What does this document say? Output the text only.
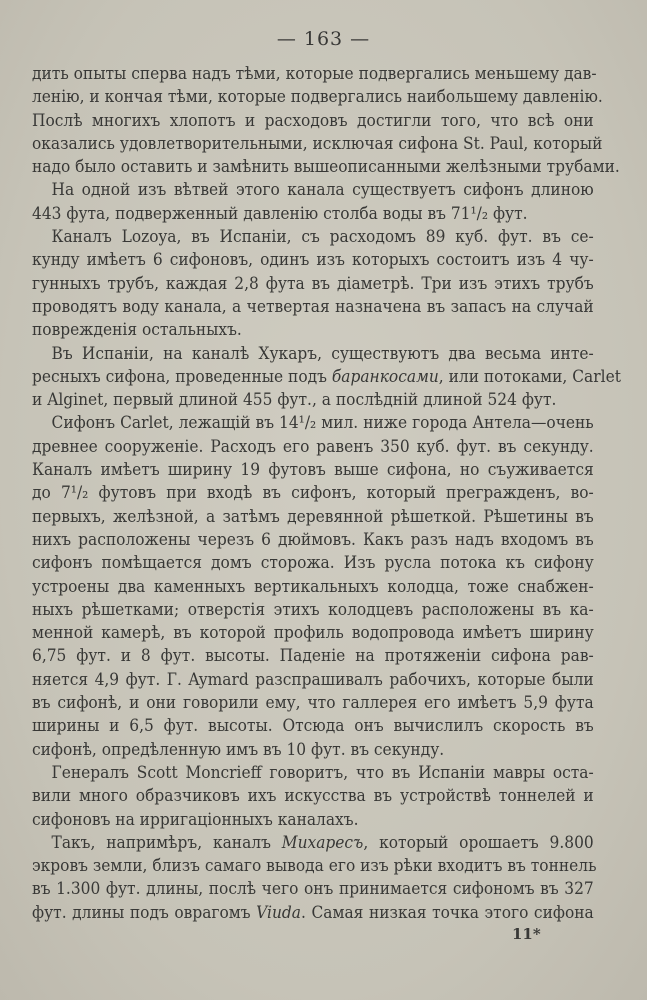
— 163 —
дить опыты сперва надъ тѣми, которые подвергались меньшему дав-
ленію, и кончая тѣми, которые подвергались наибольшему давленію.
Послѣ многихъ хлопотъ и расходовъ достигли того, что всѣ они
оказались удовлетворительными, исключая сифона St. Paul, который
надо было оставить и замѣнить вышеописанными желѣзными трубами.
На одной изъ вѣтвей этого канала существуетъ сифонъ длиною
443 фута, подверженный давленію столба воды въ 71¹/₂ фут.
Каналъ Lozoya, въ Испаніи, съ расходомъ 89 куб. фут. въ се-
кунду имѣетъ 6 сифоновъ, одинъ изъ которыхъ состоитъ изъ 4 чу-
гунныхъ трубъ, каждая 2,8 фута въ діаметрѣ. Три изъ этихъ трубъ
проводятъ воду канала, а четвертая назначена въ запасъ на случай
поврежденія остальныхъ.
Въ Испаніи, на каналѣ Хукаръ, существуютъ два весьма инте-
ресныхъ сифона, проведенные подъ баранкосами, или потоками, Carlet
и Alginet, первый длиной 455 фут., а послѣдній длиной 524 фут.
Сифонъ Carlet, лежащій въ 14¹/₂ мил. ниже города Антела—очень
древнее сооруженіе. Расходъ его равенъ 350 куб. фут. въ секунду.
Каналъ имѣетъ ширину 19 футовъ выше сифона, но съуживается
до 7¹/₂ футовъ при входѣ въ сифонъ, который прегражденъ, во-
первыхъ, желѣзной, а затѣмъ деревянной рѣшеткой. Рѣшетины въ
нихъ расположены черезъ 6 дюймовъ. Какъ разъ надъ входомъ въ
сифонъ помѣщается домъ сторожа. Изъ русла потока къ сифону
устроены два каменныхъ вертикальныхъ колодца, тоже снабжен-
ныхъ рѣшетками; отверстія этихъ колодцевъ расположены въ ка-
менной камерѣ, въ которой профиль водопровода имѣетъ ширину
6,75 фут. и 8 фут. высоты. Паденіе на протяженіи сифона рав-
няется 4,9 фут. Г. Aymard разспрашивалъ рабочихъ, которые были
въ сифонѣ, и они говорили ему, что галлерея его имѣетъ 5,9 фута
ширины и 6,5 фут. высоты. Отсюда онъ вычислилъ скорость въ
сифонѣ, опредѣленную имъ въ 10 фут. въ секунду.
Генералъ Scott Moncrieff говоритъ, что въ Испаніи мавры оста-
вили много образчиковъ ихъ искусства въ устройствѣ тоннелей и
сифоновъ на ирригаціонныхъ каналахъ.
Такъ, напримѣръ, каналъ Михаресъ, который орошаетъ 9.800
экровъ земли, близъ самаго вывода его изъ рѣки входитъ въ тоннель
въ 1.300 фут. длины, послѣ чего онъ принимается сифономъ въ 327
фут. длины подъ оврагомъ Viuda. Самая низкая точка этого сифона
11*
